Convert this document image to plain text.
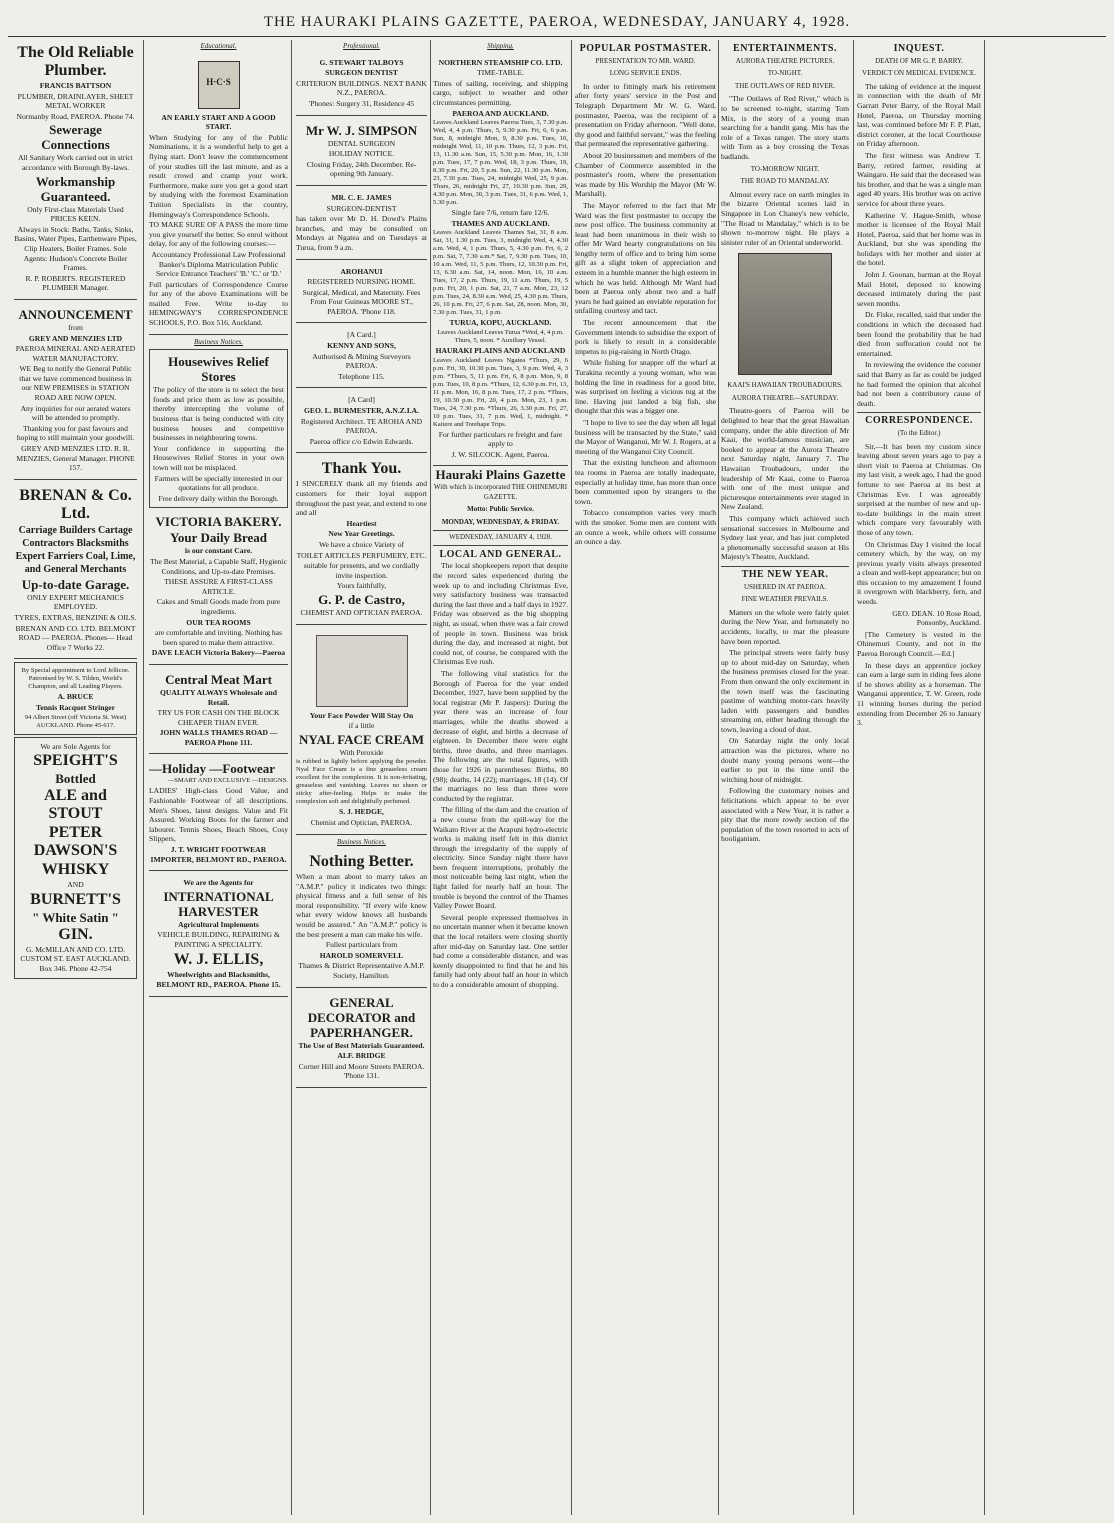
THE HAURAKI PLAINS GAZETTE, PAEROA, WEDNESDAY, JANUARY 4, 1928.

The Old Reliable Plumber.

FRANCIS BATTSON

PLUMBER, DRAINLAYER, SHEET METAL WORKER

Normanby Road, PAEROA. Phone 74.

Sewerage Connections

All Sanitary Work carried out in strict accordance with Borough By-laws.

Workmanship Guaranteed.

Only First-class Materials Used PRICES KEEN.

Always in Stock: Baths, Tanks, Sinks, Basins, Water Pipes, Earthenware Pipes, Clip Heaters, Boiler Frames. Sole Agents: Hudson's Concrete Boiler Frames.

R. P. ROBERTS. REGISTERED PLUMBER Manager.

ANNOUNCEMENT

from

GREY AND MENZIES LTD

PAEROA MINERAL AND AERATED WATER MANUFACTORY.

WE Beg to notify the General Public that we have commenced business in our NEW PREMISES in STATION ROAD ARE NOW OPEN.

Any inquiries for our aerated waters will be attended to promptly.

Thanking you for past favours and hoping to still maintain your goodwill.

GREY AND MENZIES LTD. R. R. MENZIES, General Manager. PHONE 157.

BRENAN & Co. Ltd.

Carriage Builders Cartage Contractors Blacksmiths Expert Farriers Coal, Lime, and General Merchants

Up-to-date Garage.

ONLY EXPERT MECHANICS EMPLOYED.

TYRES, EXTRAS, BENZINE & OILS.

BRENAN AND CO. LTD. BELMONT ROAD — PAEROA. Phones— Head Office 7 Works 22.

By Special appointment to Lord Jellicoe. Patronised by W. S. Tilden, World's Champion, and all Leading Players.

A. BRUCE

Tennis Racquet Stringer

94 Albert Street (off Victoria St. West) AUCKLAND. Phone 45-617.

We are Sole Agents for

SPEIGHT'S

Bottled

ALE and STOUT

PETER DAWSON'S

WHISKY

AND

BURNETT'S

" White Satin "

GIN.

G. McMILLAN AND CO. LTD. CUSTOM ST. EAST AUCKLAND. Box 346. Phone 42-754

Educational.
H·C·S

AN EARLY START AND A GOOD START.

When Studying for any of the Public Nominations, it is a wonderful help to get a flying start. Don't leave the commencement of your studies till the last minute, and as a result crowd and cramp your work. Furthermore, make sure you get a good start by studying with the foremost Examination Tuition Specialists in the country, Hemingway's Correspondence Schools.

TO MAKE SURE OF A PASS the more time you give yourself the better. So enrol without delay, for any of the following courses:—

Accountancy Professional Law Professional Banker's Diploma Matriculation Public Service Entrance Teachers' 'B.' 'C.' or 'D.'

Full particulars of Correspondence Course for any of the above Examinations will be mailed Free. Write to-day to HEMINGWAY'S CORRESPONDENCE SCHOOLS, P.O. Box 516, Auckland.

Business Notices.

Housewives Relief Stores

The policy of the store is to select the best foods and price them as low as possible, thereby intercepting the volume of business that is being conducted with city business houses and competitive businesses in neighbouring towns.

Your confidence in supporting the Housewives Relief Stores in your own town will not be misplaced.

Farmers will be specially interested in our quotations for all produce.

Free delivery daily within the Borough.

VICTORIA BAKERY.

Your Daily Bread

is our constant Care.

The Best Material, a Capable Staff, Hygienic Conditions, and Up-to-date Premises.

THESE ASSURE A FIRST-CLASS ARTICLE.

Cakes and Small Goods made from pure ingredients.

OUR TEA ROOMS

are comfortable and inviting. Nothing has been spared to make them attractive.

DAVE LEACH Victoria Bakery—Paeroa

Central Meat Mart

QUALITY ALWAYS Wholesale and Retail.

TRY US FOR CASH ON THE BLOCK CHEAPER THAN EVER.

JOHN WALLS THAMES ROAD — PAEROA Phone 111.

—Holiday —Footwear

—SMART AND EXCLUSIVE —DESIGNS.

LADIES' High-class Good Value, and Fashionable Footwear of all descriptions. Men's Shoes, latest designs. Value and Fit Assured. Working Boots for the farmer and labourer. Tennis Shoes, Beach Shoes, Cosy Slippers,

J. T. WRIGHT FOOTWEAR IMPORTER, BELMONT RD., PAEROA.

We are the Agents for

INTERNATIONAL HARVESTER

Agricultural Implements

VEHICLE BUILDING, REPAIRING & PAINTING A SPECIALITY.

W. J. ELLIS,

Wheelwrights and Blacksmiths,

BELMONT RD., PAEROA. Phone 15.

Professional.

G. STEWART TALBOYS

SURGEON DENTIST

CRITERION BUILDINGS. NEXT BANK N.Z., PAEROA.

'Phones: Surgery 31, Residence 45

Mr W. J. SIMPSON

DENTAL SURGEON

HOLIDAY NOTICE.

Closing Friday, 24th December. Re-opening 9th January.

MR. C. E. JAMES

SURGEON-DENTIST

has taken over Mr D. H. Dowd's Plains branches, and may be consulted on Mondays at Ngatea and on Tuesdays at Turua, from 9 a.m.

AROHANUI

REGISTERED NURSING HOME.

Surgical, Medical, and Maternity. Fees From Four Guineas MOORE ST., PAEROA. 'Phone 118.

[A Card.]

KENNY AND SONS,

Authorised & Mining Surveyors PAEROA.

Telephone 115.

[A Card]

GEO. L. BURMESTER, A.N.Z.I.A.

Registered Architect. TE AROHA AND PAEROA.

Paeroa office c/o Edwin Edwards.

Thank You.

I SINCERELY thank all my friends and customers for their loyal support throughout the past year, and extend to one and all

Heartiest

New Year Greetings.

We have a choice Variety of

TOILET ARTICLES PERFUMERY, ETC.

suitable for presents, and we cordially invite inspection.

Yours faithfully,

G. P. de Castro,

CHEMIST AND OPTICIAN PAEROA.

Your Face Powder Will Stay On

if a little

NYAL FACE CREAM

With Peroxide

is rubbed in lightly before applying the powder. Nyal Face Cream is a fine greaseless cream excellent for the complexion. It is non-irritating, greaseless and vanishing. Leaves no sheen or sticky after-feeling. Helps to make the complexion soft and delightfully perfumed.

S. J. HEDGE,

Chemist and Optician, PAEROA.

Business Notices.

Nothing Better.

When a man about to marry takes an "A.M.P." policy it indicates two things: physical fitness and a full sense of his moral responsibility. "If every wife knew what every widow knows all husbands would be assured." An "A.M.P." policy is the best present a man can make his wife.

Fullest particulars from

HAROLD SOMERVELL

Thames & District Representative A.M.P. Society, Hamilton.

GENERAL DECORATOR and PAPERHANGER.

The Use of Best Materials Guaranteed.

ALF. BRIDGE

Corner Hill and Moore Streets PAEROA. 'Phone 131.

Shipping.

NORTHERN STEAMSHIP CO. LTD.

TIME-TABLE.

Times of sailing, receiving, and shipping cargo, subject to weather and other circumstances permitting.

PAEROA AND AUCKLAND.

Leaves Auckland Leaves Paeroa Tues, 3, 7.30 p.m. Wed, 4, 4 p.m. Thurs, 5, 9.30 p.m. Fri, 6, 6 p.m. Sun, 8, midnight Mon, 9, 8.30 p.m. Tues, 10, midnight Wed, 11, 10 p.m. Thurs, 12, 3 p.m. Fri, 13, 11.30 a.m. Sun, 15, 5.30 p.m. Mon, 16, 1.30 p.m. Tues, 17, 7 p.m. Wed, 18, 3 p.m. Thurs, 19, 8.30 p.m. Fri, 20, 5 p.m. Sun, 22, 11.30 p.m. Mon, 23, 7.30 p.m. Tues, 24, midnight Wed, 25, 9 p.m. Thurs, 26, midnight Fri, 27, 10.30 p.m. Sun, 29, 4.30 p.m. Mon, 30, 3 p.m. Tues, 31, 6 p.m. Wed, 1, 5.30 p.m.

Single fare 7/6, return fare 12/6.

THAMES AND AUCKLAND.

Leaves Auckland Leaves Thames Sat, 31, 8 a.m. Sat, 31, 1.30 p.m. Tues, 3, midnight Wed, 4, 4.30 a.m. Wed, 4, 1 p.m. Thurs, 5, 4.30 p.m. Fri, 6, 2 p.m. Sat, 7, 7.30 a.m.* Sat, 7, 9.30 p.m. Tues, 10, 10 a.m. Wed, 11, 5 p.m. Thurs, 12, 10.30 p.m. Fri, 13, 6.30 a.m. Sat, 14, noon. Mon, 16, 10 a.m. Tues, 17, 2 p.m. Thurs, 19, 11 a.m. Thurs, 19, 5 p.m. Fri, 20, 1 p.m. Sat, 21, 7 a.m. Mon, 23, 12 p.m. Tues, 24, 8.30 a.m. Wed, 25, 4.30 p.m. Thurs, 26, 10 p.m. Fri, 27, 6 p.m. Sat, 28, noon. Mon, 30, 7.30 p.m. Tues, 31, 1 p.m.

TURUA, KOPU, AUCKLAND.

Leaves Auckland Leaves Turua *Wed, 4, 4 p.m. Thurs, 5, noon. * Auxiliary Vessel.

HAURAKI PLAINS AND AUCKLAND

Leaves Auckland Leaves Ngatea *Thurs, 29, 6 p.m. Fri, 30, 10.30 p.m. Tues, 3, 9 p.m. Wed, 4, 3 p.m. *Thurs, 5, 11 p.m. Fri, 6, 8 p.m. Mon, 9, 8 p.m. Tues, 10, 8 p.m. *Thurs, 12, 6.30 p.m. Fri, 13, 11 p.m. Mon, 16, 8 p.m. Tues, 17, 2 p.m. *Thurs, 19, 10.30 p.m. Fri, 20, 4 p.m. Mon, 23, 1 p.m. Tues, 24, 7.30 p.m. *Thurs, 26, 3.30 p.m. Fri, 27, 10 p.m. Tues, 31, 7 p.m. Wed, 1, midnight. * Kaiiere and Torehape Trips.

For further particulars re freight and fare apply to

J. W. SILCOCK. Agent, Paeroa.

Hauraki Plains Gazette
With which is incorporated THE OHINEMURI GAZETTE.
Motto: Public Service.
MONDAY, WEDNESDAY, & FRIDAY.
WEDNESDAY, JANUARY 4, 1928.
LOCAL AND GENERAL.

The local shopkeepers report that despite the record sales experienced during the week up to and including Christmas Eve, very satisfactory business was transacted during the last three and a half days in 1927. Friday was observed as the big shopping night, as usual, when there was a fair crowd of people in town. Business was brisk during the day, and increased at night, but could not, of course, be compared with the Christmas Eve rush.

The following vital statistics for the Borough of Paeroa for the year ended December, 1927, have been supplied by the local registrar (Mr P. Jaspers): During the year there was an increase of four marriages, while the deaths showed a decrease of eight, and births a decrease of eighteen. In December there were eight births, three deaths, and three marriages. The following are the total figures, with those for 1926 in parentheses: Births, 80 (98); deaths, 14 (22); marriages, 18 (14). Of the marriages no less than three were conducted by the registrar.

The filling of the dam and the creation of a new course from the spill-way for the Waikato River at the Arapuni hydro-electric works is making itself felt in this district through the irregularity of the supply of electricity. Since Sunday night there have been frequent interruptions, probably the most noticeable being last night, when the light failed for nearly half an hour. The trouble is beyond the control of the Thames Valley Power Board.

Several people expressed themselves in no uncertain manner when it became known that the local retailers were closing shortly after mid-day on Saturday last. One settler had come a considerable distance, and was keenly disappointed to find that he and his family had only about half an hour in which to do a considerable amount of shopping.

POPULAR POSTMASTER.
PRESENTATION TO MR. WARD.
LONG SERVICE ENDS.

In order to fittingly mark his retirement after forty years' service in the Post and Telegraph Department Mr W. G. Ward, postmaster, Paeroa, was the recipient of a presentation on Friday afternoon. "Well done, thy good and faithful servant," was the feeling that permeated the representative gathering.

About 20 businessmen and members of the Chamber of Commerce assembled in the postmaster's room, where the presentation was made by His Worship the Mayor (Mr W. Marshall).

The Mayor referred to the fact that Mr Ward was the first postmaster to occupy the new post office. The business community at least had been unanimous in their wish to offer Mr Ward hearty congratulations on his lengthy term of office and to bring him some gift as a slight token of appreciation and esteem in a humble manner the high esteem in which he was held. Although Mr Ward had been at Paeroa only about two and a half years he had gained an enviable reputation for unfailing courtesy and tact.

The recent announcement that the Government intends to subsidise the export of pork is likely to result in a considerable impetus to pig-raising in North Otago.

While fishing for snapper off the wharf at Turakina recently a young woman, who was holding the line in readiness for a good bite, was surprised on feeling a vicious tug at the line. Having just landed a big fish, she thought that this was a bigger one.

"I hope to live to see the day when all legal business will be transacted by the State," said the Mayor of Wanganui, Mr W. J. Rogers, at a meeting of the Wanganui City Council.

That the existing luncheon and afternoon tea rooms in Paeroa are totally inadequate, especially at holiday time, has more than once been commented upon by strangers to the town.

Tobacco consumption varies very much with the smoker. Some men are content with an ounce a week, while others will consume an ounce a day.

ENTERTAINMENTS.
AURORA THEATRE PICTURES.
TO-NIGHT.
THE OUTLAWS OF RED RIVER.

"The Outlaws of Red River," which is to be screened to-night, starring Tom Mix, is the story of a young man searching for a bandit gang. Mix has the role of a Texas ranger. The story starts with Tom as a boy crossing the Texas badlands.

TO-MORROW NIGHT.
THE ROAD TO MANDALAY.

Almost every race on earth mingles in the bizarre Oriental scenes laid in Singapore in Lon Chaney's new vehicle, "The Road to Mandalay," which is to be shown to-morrow night. He plays a sinister ruler of an Oriental underworld.

KAAI'S HAWAIIAN TROUBADOURS.
AURORA THEATRE—SATURDAY.

Theatre-goers of Paeroa will be delighted to hear that the great Hawaiian company, under the able direction of Mr Kaai, the world-famous musician, are booked to appear at the Aurora Theatre next Saturday night, January 7. The Hawaiian Troubadours, under the leadership of Mr Kaai, come to Paeroa with one of the most unique and picturesque entertainments ever staged in New Zealand.

This company which achieved such sensational successes in Melbourne and Sydney last year, and has just completed a phenomenally successful season at His Majesty's Theatre, Auckland.

THE NEW YEAR.
USHERED IN AT PAEROA.
FINE WEATHER PREVAILS.

Matters on the whole were fairly quiet during the New Year, and fortunately no accidents, locally, to mar the pleasure have been reported.

The principal streets were fairly busy up to about mid-day on Saturday, when the business premises closed for the year. From then onward the only excitement in the town itself was the fascinating pastime of watching motor-cars heavily laden with passengers and bundles streaming on, either heading through the town, leaving a cloud of dust.

On Saturday night the only local attraction was the pictures, where no doubt many young persons went—the earlier to put in the time until the witching hour of midnight.

Following the customary noises and felicitations which appear to be ever associated with a New Year, it is rather a pity that the more rowdy section of the population of the town resorted to acts of hooliganism.

INQUEST.
DEATH OF MR G. P. BARRY.
VERDICT ON MEDICAL EVIDENCE.

The taking of evidence at the inquest in connection with the death of Mr Garratt Peter Barry, of the Royal Mail Hotel, Paeroa, on Thursday morning last, was continued before Mr F. P. Platt, district coroner, at the local Courthouse on Friday afternoon.

The first witness was Andrew T. Barry, retired farmer, residing at Waingaro. He said that the deceased was his brother, and that he was a single man aged 40 years. His brother was on active service for about three years.

Katherine V. Hague-Smith, whose mother is licensee of the Royal Mail Hotel, Paeroa, said that her home was in Auckland, but she was spending the holidays with her mother and sister at the hotel.

John J. Goonan, barman at the Royal Mail Hotel, deposed to knowing deceased intimately during the past seven months.

Dr. Fiske, recalled, said that under the conditions in which the deceased had been found the probability that he had died from suffocation could not be entertained.

In reviewing the evidence the coroner said that Barry as far as could be judged he had formed the opinion that alcohol had not been a contributory cause of death.

CORRESPONDENCE.
(To the Editor.)

Sir,—It has been my custom since leaving about seven years ago to pay a short visit to Paeroa at Christmas. On my last visit, a week ago, I had the good fortune to see Paeroa at its best at Christmas Eve. I was agreeably surprised at the number of new and up-to-date buildings in the main street which compare very favourably with those of any town.

On Christmas Day I visited the local cemetery which, by the way, on my previous yearly visits always presented a clean and well-kept appearance; but on this occasion to my amazement I found it overgrown with blackberry, fern, and weeds.

GEO. DEAN. 10 Rose Road, Ponsonby, Auckland.

[The Cemetery is vested in the Ohinemuri County, and not in the Paeroa Borough Council.—Ed.]

In these days an apprentice jockey can earn a large sum in riding fees alone if he shows ability as a horseman. The Wanganui apprentice, T. W. Green, rode 11 winning horses during the period extending from December 26 to January 3.
